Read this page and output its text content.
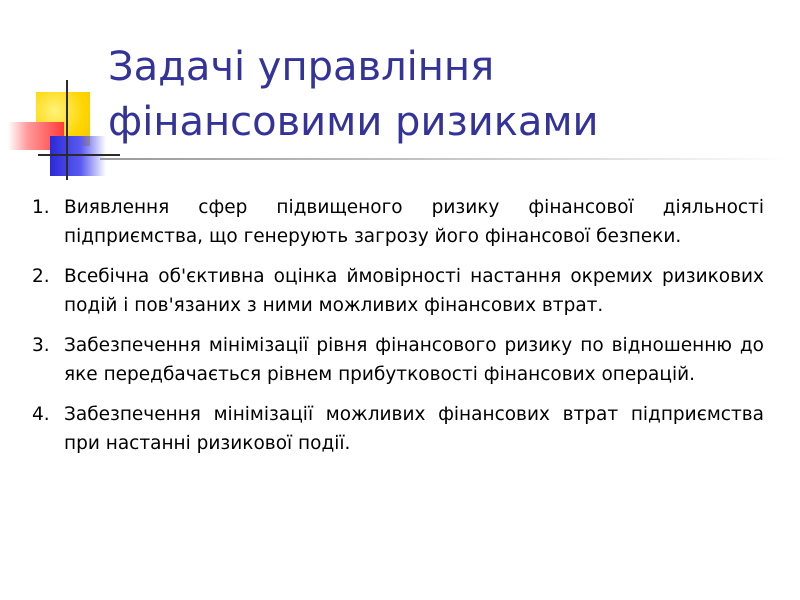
Задачі управління
фінансовими ризиками
1. Виявлення сфер підвищеного ризику фінансової діяльності підприємства, що генерують загрозу його фінансової безпеки.
2. Всебічна об'єктивна оцінка ймовірності настання окремих ризикових подій і пов'язаних з ними можливих фінансових втрат.
3. Забезпечення мінімізації рівня фінансового ризику по відношенню до яке передбачається рівнем прибутковості фінансових операцій.
4. Забезпечення мінімізації можливих фінансових втрат підприємства при настанні ризикової події.
